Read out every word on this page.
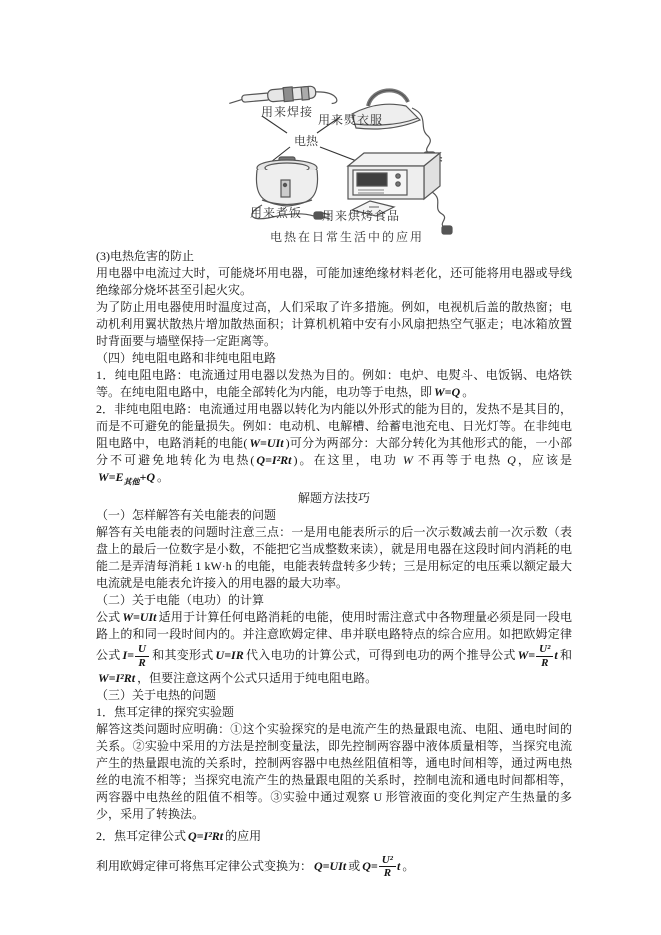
用来焊接
用来熨衣服
电热
用来煮饭 用来烘烤食品
电热在日常生活中的应用

(3)电热危害的防止

用电器中电流过大时，可能烧坏用电器，可能加速绝缘材料老化，还可能将用电器或导线绝缘部分烧坏甚至引起火灾。

为了防止用电器使用时温度过高，人们采取了许多措施。例如，电视机后盖的散热窗；电动机利用翼状散热片增加散热面积；计算机机箱中安有小风扇把热空气驱走；电冰箱放置时背面要与墙壁保持一定距离等。

（四）纯电阻电路和非纯电阻电路

1．纯电阻电路：电流通过用电器以发热为目的。例如：电炉、电熨斗、电饭锅、电烙铁等。在纯电阻电路中，电能全部转化为内能，电功等于电热，即 W=Q 。

2．非纯电阻电路：电流通过用电器以转化为内能以外形式的能为目的，发热不是其目的，而是不可避免的能量损失。例如：电动机、电解槽、给蓄电池充电、日光灯等。在非纯电阻电路中，电路消耗的电能( W=UIt )可分为两部分：大部分转化为其他形式的能，一小部分不可避免地转化为电热( Q=I²Rt )。在这里，电功 W 不再等于电热 Q，应该是$W=E_{其他}+Q$ 。

解题方法技巧

（一）怎样解答有关电能表的问题

解答有关电能表的问题时注意三点：一是用电能表所示的后一次示数减去前一次示数（表盘上的最后一位数字是小数，不能把它当成整数来读），就是用电器在这段时间内消耗的电能二是弄清每消耗 1 kW·h 的电能，电能表转盘转多少转；三是用标定的电压乘以额定最大电流就是电能表允许接入的用电器的最大功率。

（二）关于电能（电功）的计算

公式 W=UIt 适用于计算任何电路消耗的电能，使用时需注意式中各物理量必须是同一段电路上的和同一段时间内的。并注意欧姆定律、串并联电路特点的综合应用。如把欧姆定律公式 $I= \frac{U}{R}$ 和其变形式 U=IR 代入电功的计算公式，可得到电功的两个推导公式 $W= \frac{\text{U²}}{R}$ t 和W=I²Rt ，但要注意这两个公式只适用于纯电阻电路。

（三）关于电热的问题

1．焦耳定律的探究实验题

解答这类问题时应明确：①这个实验探究的是电流产生的热量跟电流、电阻、通电时间的关系。②实验中采用的方法是控制变量法，即先控制两容器中液体质量相等，当探究电流产生的热量跟电流的关系时，控制两容器中电热丝阻值相等，通电时间相等，通过两电热丝的电流不相等；当探究电流产生的热量跟电阻的关系时，控制电流和通电时间都相等，两容器中电热丝的阻值不相等。③实验中通过观察 U 形管液面的变化判定产生热量的多少，采用了转换法。

2．焦耳定律公式 Q=I²Rt 的应用

利用欧姆定律可将焦耳定律公式变换为： Q=UIt 或 $Q= \frac{\text{U²}}{R}$ t 。
